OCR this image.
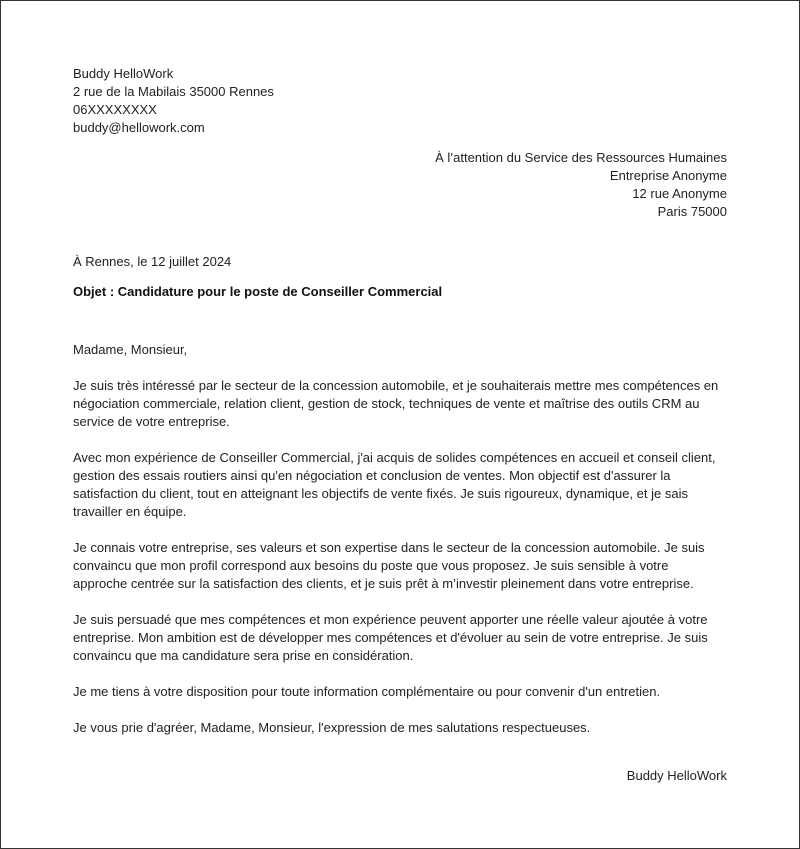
Buddy HelloWork
2 rue de la Mabilais 35000 Rennes
06XXXXXXXX
buddy@hellowork.com
À l’attention du Service des Ressources Humaines
Entreprise Anonyme
12 rue Anonyme
Paris 75000
À Rennes, le 12 juillet 2024
Objet : Candidature pour le poste de Conseiller Commercial

Madame, Monsieur,

Je suis très intéressé par le secteur de la concession automobile, et je souhaiterais mettre mes compétences en négociation commerciale, relation client, gestion de stock, techniques de vente et maîtrise des outils CRM au service de votre entreprise.

Avec mon expérience de Conseiller Commercial, j'ai acquis de solides compétences en accueil et conseil client, gestion des essais routiers ainsi qu'en négociation et conclusion de ventes. Mon objectif est d'assurer la satisfaction du client, tout en atteignant les objectifs de vente fixés. Je suis rigoureux, dynamique, et je sais travailler en équipe.

Je connais votre entreprise, ses valeurs et son expertise dans le secteur de la concession automobile. Je suis convaincu que mon profil correspond aux besoins du poste que vous proposez. Je suis sensible à votre approche centrée sur la satisfaction des clients, et je suis prêt à m’investir pleinement dans votre entreprise.

Je suis persuadé que mes compétences et mon expérience peuvent apporter une réelle valeur ajoutée à votre entreprise. Mon ambition est de développer mes compétences et d'évoluer au sein de votre entreprise. Je suis convaincu que ma candidature sera prise en considération.

Je me tiens à votre disposition pour toute information complémentaire ou pour convenir d'un entretien.

Je vous prie d'agréer, Madame, Monsieur, l'expression de mes salutations respectueuses.

Buddy HelloWork
